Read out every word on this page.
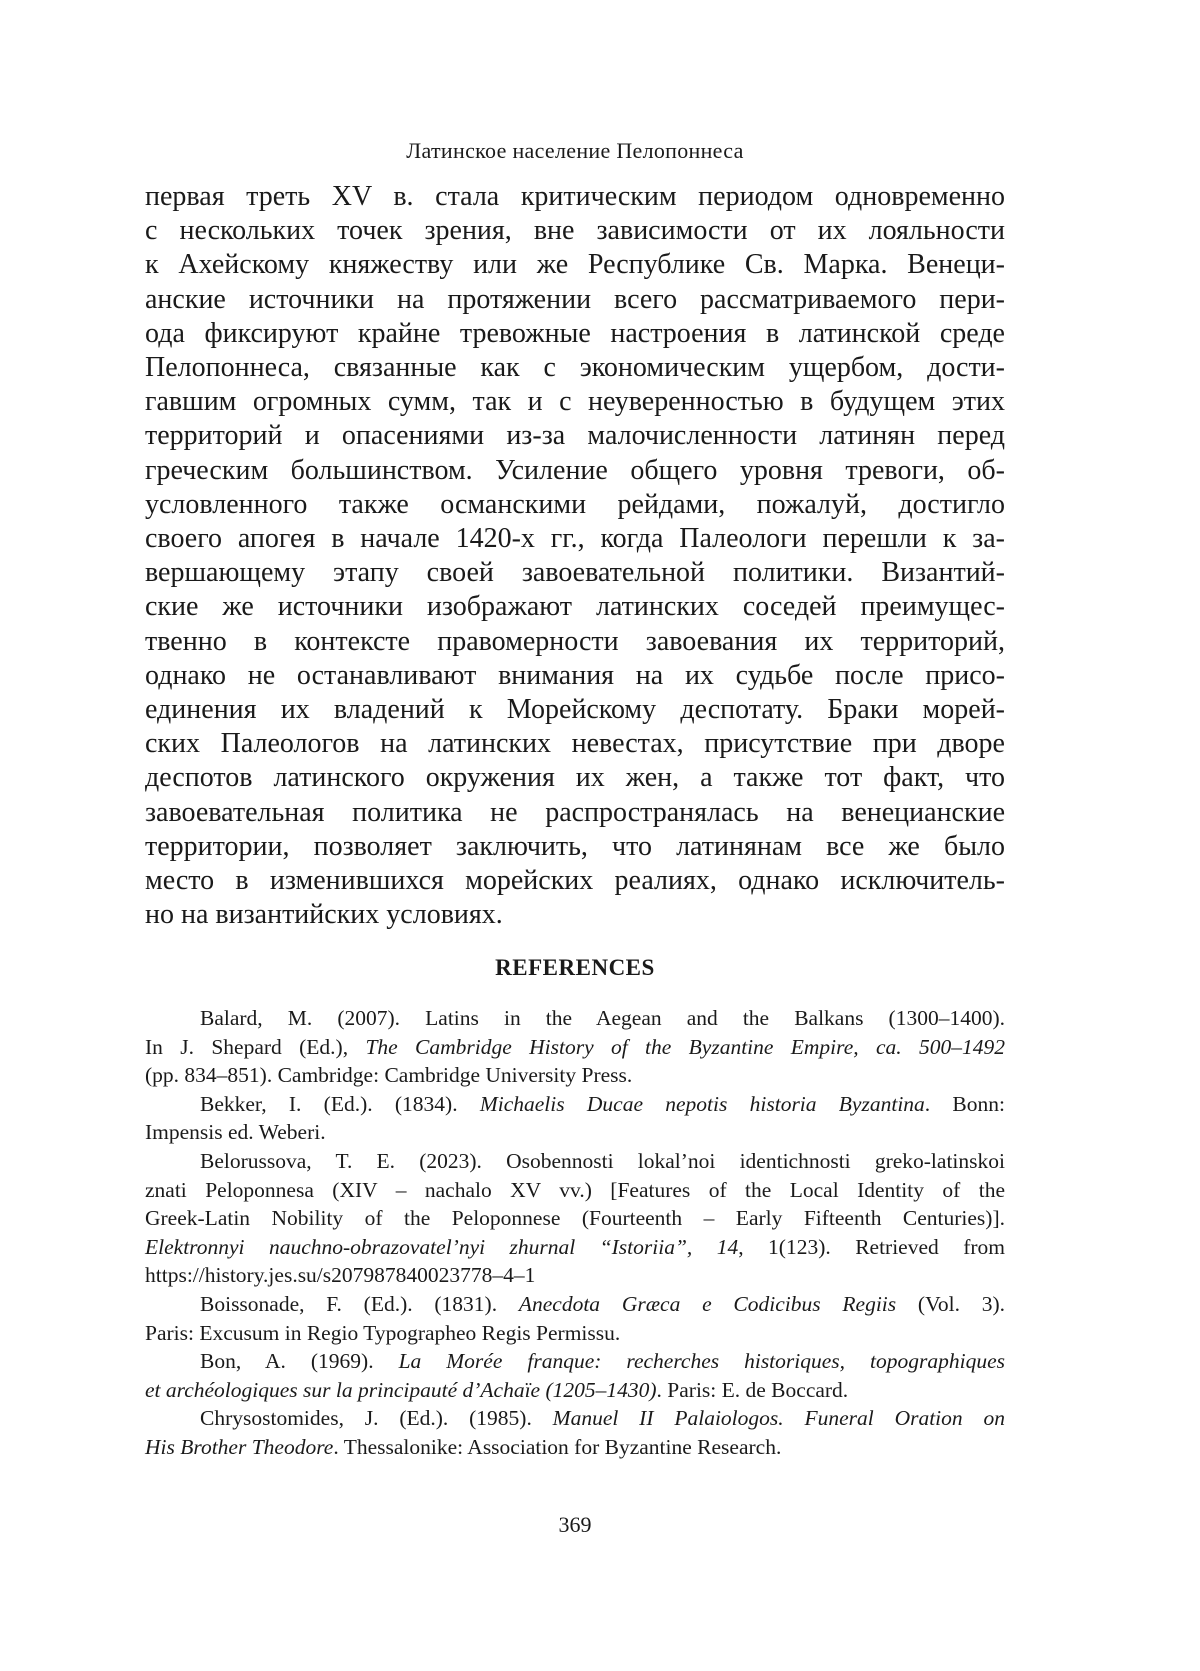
Латинское население Пелопоннеса
первая треть XV в. стала критическим периодом одновременно
с нескольких точек зрения, вне зависимости от их лояльности
к Ахейскому княжеству или же Республике Св. Марка. Венеци-
анские источники на протяжении всего рассматриваемого пери-
ода фиксируют крайне тревожные настроения в латинской среде
Пелопоннеса, связанные как с экономическим ущербом, дости-
гавшим огромных сумм, так и с неуверенностью в будущем этих
территорий и опасениями из-за малочисленности латинян перед
греческим большинством. Усиление общего уровня тревоги, об-
условленного также османскими рейдами, пожалуй, достигло
своего апогея в начале 1420-х гг., когда Палеологи перешли к за-
вершающему этапу своей завоевательной политики. Византий-
ские же источники изображают латинских соседей преимущес-
твенно в контексте правомерности завоевания их территорий,
однако не останавливают внимания на их судьбе после присо-
единения их владений к Морейскому деспотату. Браки морей-
ских Палеологов на латинских невестах, присутствие при дворе
деспотов латинского окружения их жен, а также тот факт, что
завоевательная политика не распространялась на венецианские
территории, позволяет заключить, что латинянам все же было
место в изменившихся морейских реалиях, однако исключитель-
но на византийских условиях.
REFERENCES
Balard, M. (2007). Latins in the Aegean and the Balkans (1300–1400).
In J. Shepard (Ed.), The Cambridge History of the Byzantine Empire, ca. 500–1492
(pp. 834–851). Cambridge: Cambridge University Press.
Bekker, I. (Ed.). (1834). Michaelis Ducae nepotis historia Byzantina. Bonn:
Impensis ed. Weberi.
Belorussova, T. E. (2023). Osobennosti lokal’noi identichnosti greko-latinskoi
znati Peloponnesa (XIV – nachalo XV vv.) [Features of the Local Identity of the
Greek-Latin Nobility of the Peloponnese (Fourteenth – Early Fifteenth Centuries)].
Elektronnyi nauchno-obrazovatel’nyi zhurnal “Istoriia”, 14, 1(123). Retrieved from
https://history.jes.su/s207987840023778–4–1
Boissonade, F. (Ed.). (1831). Anecdota Græca e Codicibus Regiis (Vol. 3).
Paris: Excusum in Regio Typographeo Regis Permissu.
Bon, A. (1969). La Morée franque: recherches historiques, topographiques
et archéologiques sur la principauté d’Achaïe (1205–1430). Paris: E. de Boccard.
Chrysostomides, J. (Ed.). (1985). Manuel II Palaiologos. Funeral Oration on
His Brother Theodore. Thessalonike: Association for Byzantine Research.
369
